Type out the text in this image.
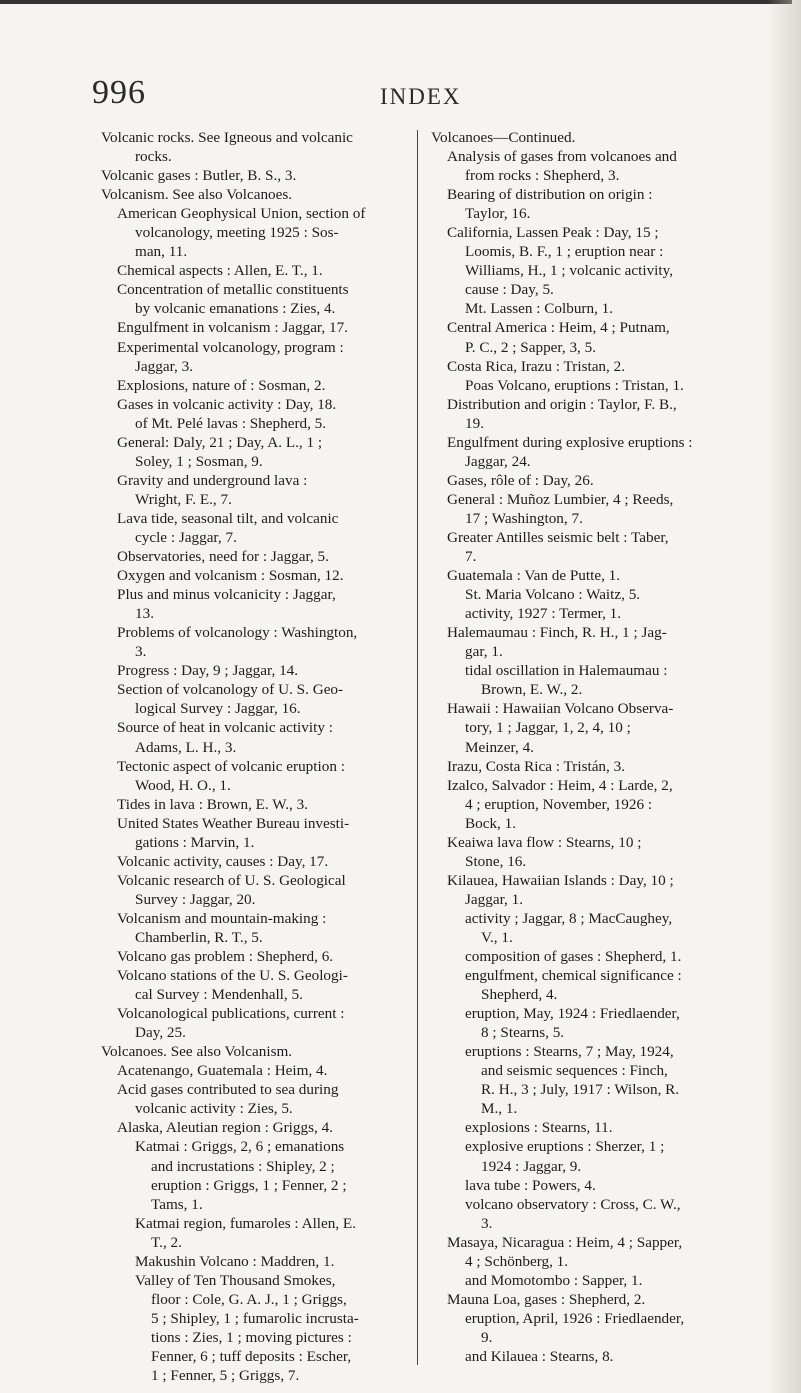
996	INDEX
Volcanic rocks. See Igneous and volcanic
rocks.
Volcanic gases : Butler, B. S., 3.
Volcanism. See also Volcanoes.
American Geophysical Union, section of
volcanology, meeting 1925 : Sos-
man, 11.
Chemical aspects : Allen, E. T., 1.
Concentration of metallic constituents
by volcanic emanations : Zies, 4.
Engulfment in volcanism : Jaggar, 17.
Experimental volcanology, program :
Jaggar, 3.
Explosions, nature of : Sosman, 2.
Gases in volcanic activity : Day, 18.
of Mt. Pelé lavas : Shepherd, 5.
General: Daly, 21 ; Day, A. L., 1 ;
Soley, 1 ; Sosman, 9.
Gravity and underground lava :
Wright, F. E., 7.
Lava tide, seasonal tilt, and volcanic
cycle : Jaggar, 7.
Observatories, need for : Jaggar, 5.
Oxygen and volcanism : Sosman, 12.
Plus and minus volcanicity : Jaggar,
13.
Problems of volcanology : Washington,
3.
Progress : Day, 9 ; Jaggar, 14.
Section of volcanology of U. S. Geo-
logical Survey : Jaggar, 16.
Source of heat in volcanic activity :
Adams, L. H., 3.
Tectonic aspect of volcanic eruption :
Wood, H. O., 1.
Tides in lava : Brown, E. W., 3.
United States Weather Bureau investi-
gations : Marvin, 1.
Volcanic activity, causes : Day, 17.
Volcanic research of U. S. Geological
Survey : Jaggar, 20.
Volcanism and mountain-making :
Chamberlin, R. T., 5.
Volcano gas problem : Shepherd, 6.
Volcano stations of the U. S. Geologi-
cal Survey : Mendenhall, 5.
Volcanological publications, current :
Day, 25.
Volcanoes. See also Volcanism.
Acatenango, Guatemala : Heim, 4.
Acid gases contributed to sea during
volcanic activity : Zies, 5.
Alaska, Aleutian region : Griggs, 4.
Katmai : Griggs, 2, 6 ; emanations
and incrustations : Shipley, 2 ;
eruption : Griggs, 1 ; Fenner, 2 ;
Tams, 1.
Katmai region, fumaroles : Allen, E.
T., 2.
Makushin Volcano : Maddren, 1.
Valley of Ten Thousand Smokes,
floor : Cole, G. A. J., 1 ; Griggs,
5 ; Shipley, 1 ; fumarolic incrusta-
tions : Zies, 1 ; moving pictures :
Fenner, 6 ; tuff deposits : Escher,
1 ; Fenner, 5 ; Griggs, 7.
Volcanoes—Continued.
Analysis of gases from volcanoes and
from rocks : Shepherd, 3.
Bearing of distribution on origin :
Taylor, 16.
California, Lassen Peak : Day, 15 ;
Loomis, B. F., 1 ; eruption near :
Williams, H., 1 ; volcanic activity,
cause : Day, 5.
Mt. Lassen : Colburn, 1.
Central America : Heim, 4 ; Putnam,
P. C., 2 ; Sapper, 3, 5.
Costa Rica, Irazu : Tristan, 2.
Poas Volcano, eruptions : Tristan, 1.
Distribution and origin : Taylor, F. B.,
19.
Engulfment during explosive eruptions :
Jaggar, 24.
Gases, rôle of : Day, 26.
General : Muñoz Lumbier, 4 ; Reeds,
17 ; Washington, 7.
Greater Antilles seismic belt : Taber,
7.
Guatemala : Van de Putte, 1.
St. Maria Volcano : Waitz, 5.
activity, 1927 : Termer, 1.
Halemaumau : Finch, R. H., 1 ; Jag-
gar, 1.
tidal oscillation in Halemaumau :
Brown, E. W., 2.
Hawaii : Hawaiian Volcano Observa-
tory, 1 ; Jaggar, 1, 2, 4, 10 ;
Meinzer, 4.
Irazu, Costa Rica : Tristán, 3.
Izalco, Salvador : Heim, 4 : Larde, 2,
4 ; eruption, November, 1926 :
Bock, 1.
Keaiwa lava flow : Stearns, 10 ;
Stone, 16.
Kilauea, Hawaiian Islands : Day, 10 ;
Jaggar, 1.
activity ; Jaggar, 8 ; MacCaughey,
V., 1.
composition of gases : Shepherd, 1.
engulfment, chemical significance :
Shepherd, 4.
eruption, May, 1924 : Friedlaender,
8 ; Stearns, 5.
eruptions : Stearns, 7 ; May, 1924,
and seismic sequences : Finch,
R. H., 3 ; July, 1917 : Wilson, R.
M., 1.
explosions : Stearns, 11.
explosive eruptions : Sherzer, 1 ;
1924 : Jaggar, 9.
lava tube : Powers, 4.
volcano observatory : Cross, C. W.,
3.
Masaya, Nicaragua : Heim, 4 ; Sapper,
4 ; Schönberg, 1.
and Momotombo : Sapper, 1.
Mauna Loa, gases : Shepherd, 2.
eruption, April, 1926 : Friedlaender,
9.
and Kilauea : Stearns, 8.
